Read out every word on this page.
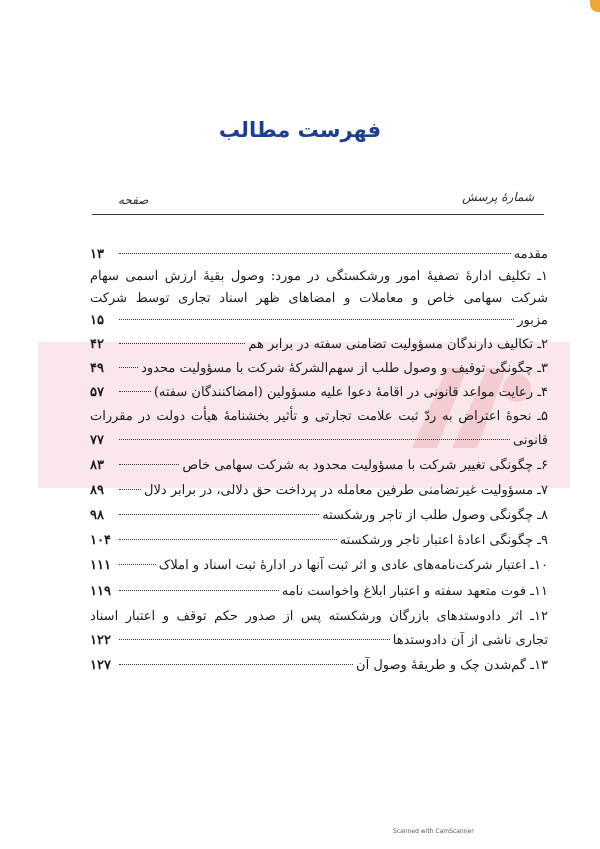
فهرست مطالب
شمارهٔ پرسش
صفحه
مقدمه
۱۳
۱ـ تکلیف ادارهٔ تصفیهٔ امور ورشکستگی در مورد: وصول بقیهٔ ارزش اسمی سهام
شرکت سهامی خاص و معاملات و امضاهای ظهر اسناد تجاری توسط شرکت
مزبور
۱۵
۲ـ تکالیف دارندگان مسؤولیت تضامنی سفته در برابر هم
۴۲
۳ـ چگونگی توقیف و وصول طلب از سهم‌الشرکهٔ شرکت با مسؤولیت محدود
۴۹
۴ـ رعایت مواعد قانونی در اقامهٔ دعوا علیه مسؤولین (امضاکنندگان سفته)
۵۷
۵ـ نحوهٔ اعتراض به ردّ ثبت علامت تجارتی و تأثیر بخشنامهٔ هیأت دولت در مقررات
قانونی
۷۷
۶ـ چگونگی تغییر شرکت با مسؤولیت محدود به شرکت سهامی خاص
۸۳
۷ـ مسؤولیت غیرتضامنی طرفین معامله در پرداخت حق دلالی، در برابر دلال
۸۹
۸ـ چگونگی وصول طلب از تاجر ورشکسته
۹۸
۹ـ چگونگی اعادهٔ اعتبار تاجر ورشکسته
۱۰۴
۱۰ـ اعتبار شرکت‌نامه‌های عادی و اثر ثبت آنها در ادارهٔ ثبت اسناد و املاک
۱۱۱
۱۱ـ فوت متعهد سفته و اعتبار ابلاغ واخواست نامه
۱۱۹
۱۲ـ اثر دادوستدهای بازرگان ورشکسته پس از صدور حکم توقف و اعتبار اسناد
تجاری ناشی از آن دادوستدها
۱۲۲
۱۳ـ گم‌شدن چک و طریقهٔ وصول آن
۱۲۷
Scanned with CamScanner
